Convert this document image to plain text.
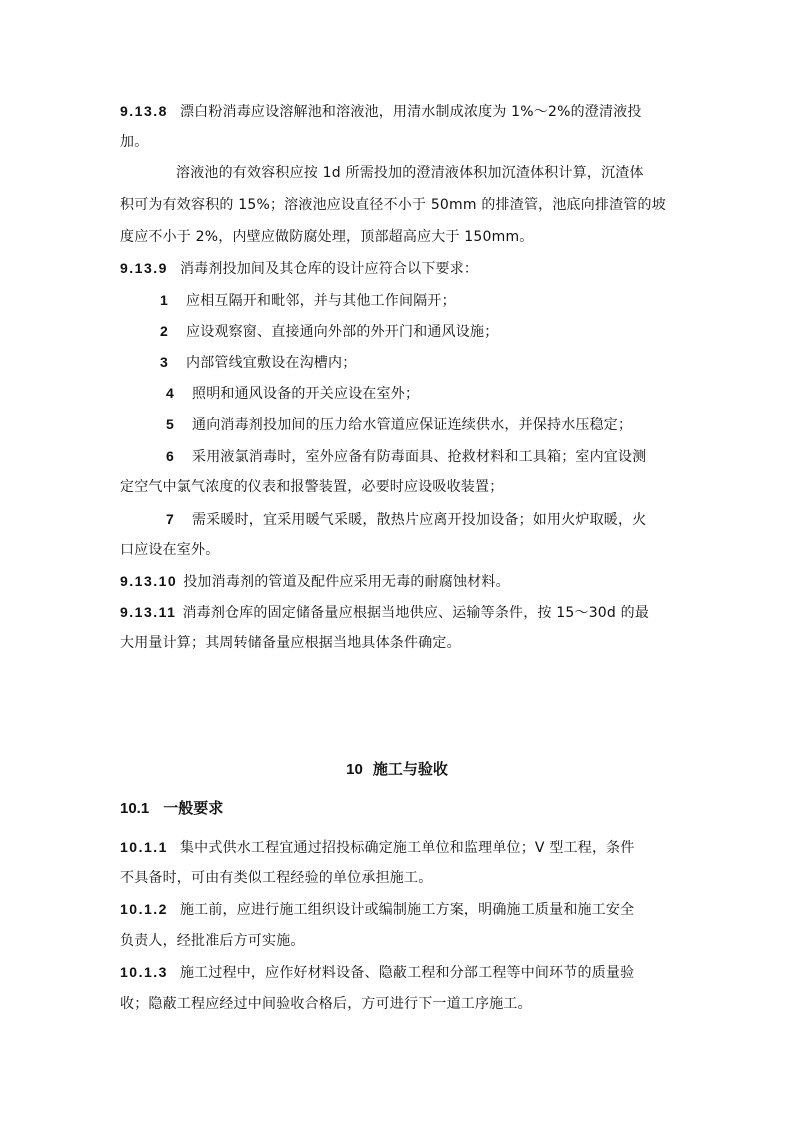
9.13.8 漂白粉消毒应设溶解池和溶液池，用清水制成浓度为 1%～2%的澄清液投
加。
溶液池的有效容积应按 1d 所需投加的澄清液体积加沉渣体积计算，沉渣体
积可为有效容积的 15%；溶液池应设直径不小于 50mm 的排渣管，池底向排渣管的坡
度应不小于 2%，内壁应做防腐处理，顶部超高应大于 150mm。
9.13.9 消毒剂投加间及其仓库的设计应符合以下要求：
1 应相互隔开和毗邻，并与其他工作间隔开；
2 应设观察窗、直接通向外部的外开门和通风设施；
3 内部管线宜敷设在沟槽内；
4 照明和通风设备的开关应设在室外；
5 通向消毒剂投加间的压力给水管道应保证连续供水，并保持水压稳定；
6 采用液氯消毒时，室外应备有防毒面具、抢救材料和工具箱；室内宜设测
定空气中氯气浓度的仪表和报警装置，必要时应设吸收装置；
7 需采暖时，宜采用暖气采暖，散热片应离开投加设备；如用火炉取暖，火
口应设在室外。
9.13.10 投加消毒剂的管道及配件应采用无毒的耐腐蚀材料。
9.13.11 消毒剂仓库的固定储备量应根据当地供应、运输等条件，按 15～30d 的最
大用量计算；其周转储备量应根据当地具体条件确定。
10 施工与验收
10.1 一般要求
10.1.1 集中式供水工程宜通过招投标确定施工单位和监理单位；V 型工程，条件
不具备时，可由有类似工程经验的单位承担施工。
10.1.2 施工前，应进行施工组织设计或编制施工方案，明确施工质量和施工安全
负责人，经批准后方可实施。
10.1.3 施工过程中，应作好材料设备、隐蔽工程和分部工程等中间环节的质量验
收；隐蔽工程应经过中间验收合格后，方可进行下一道工序施工。
